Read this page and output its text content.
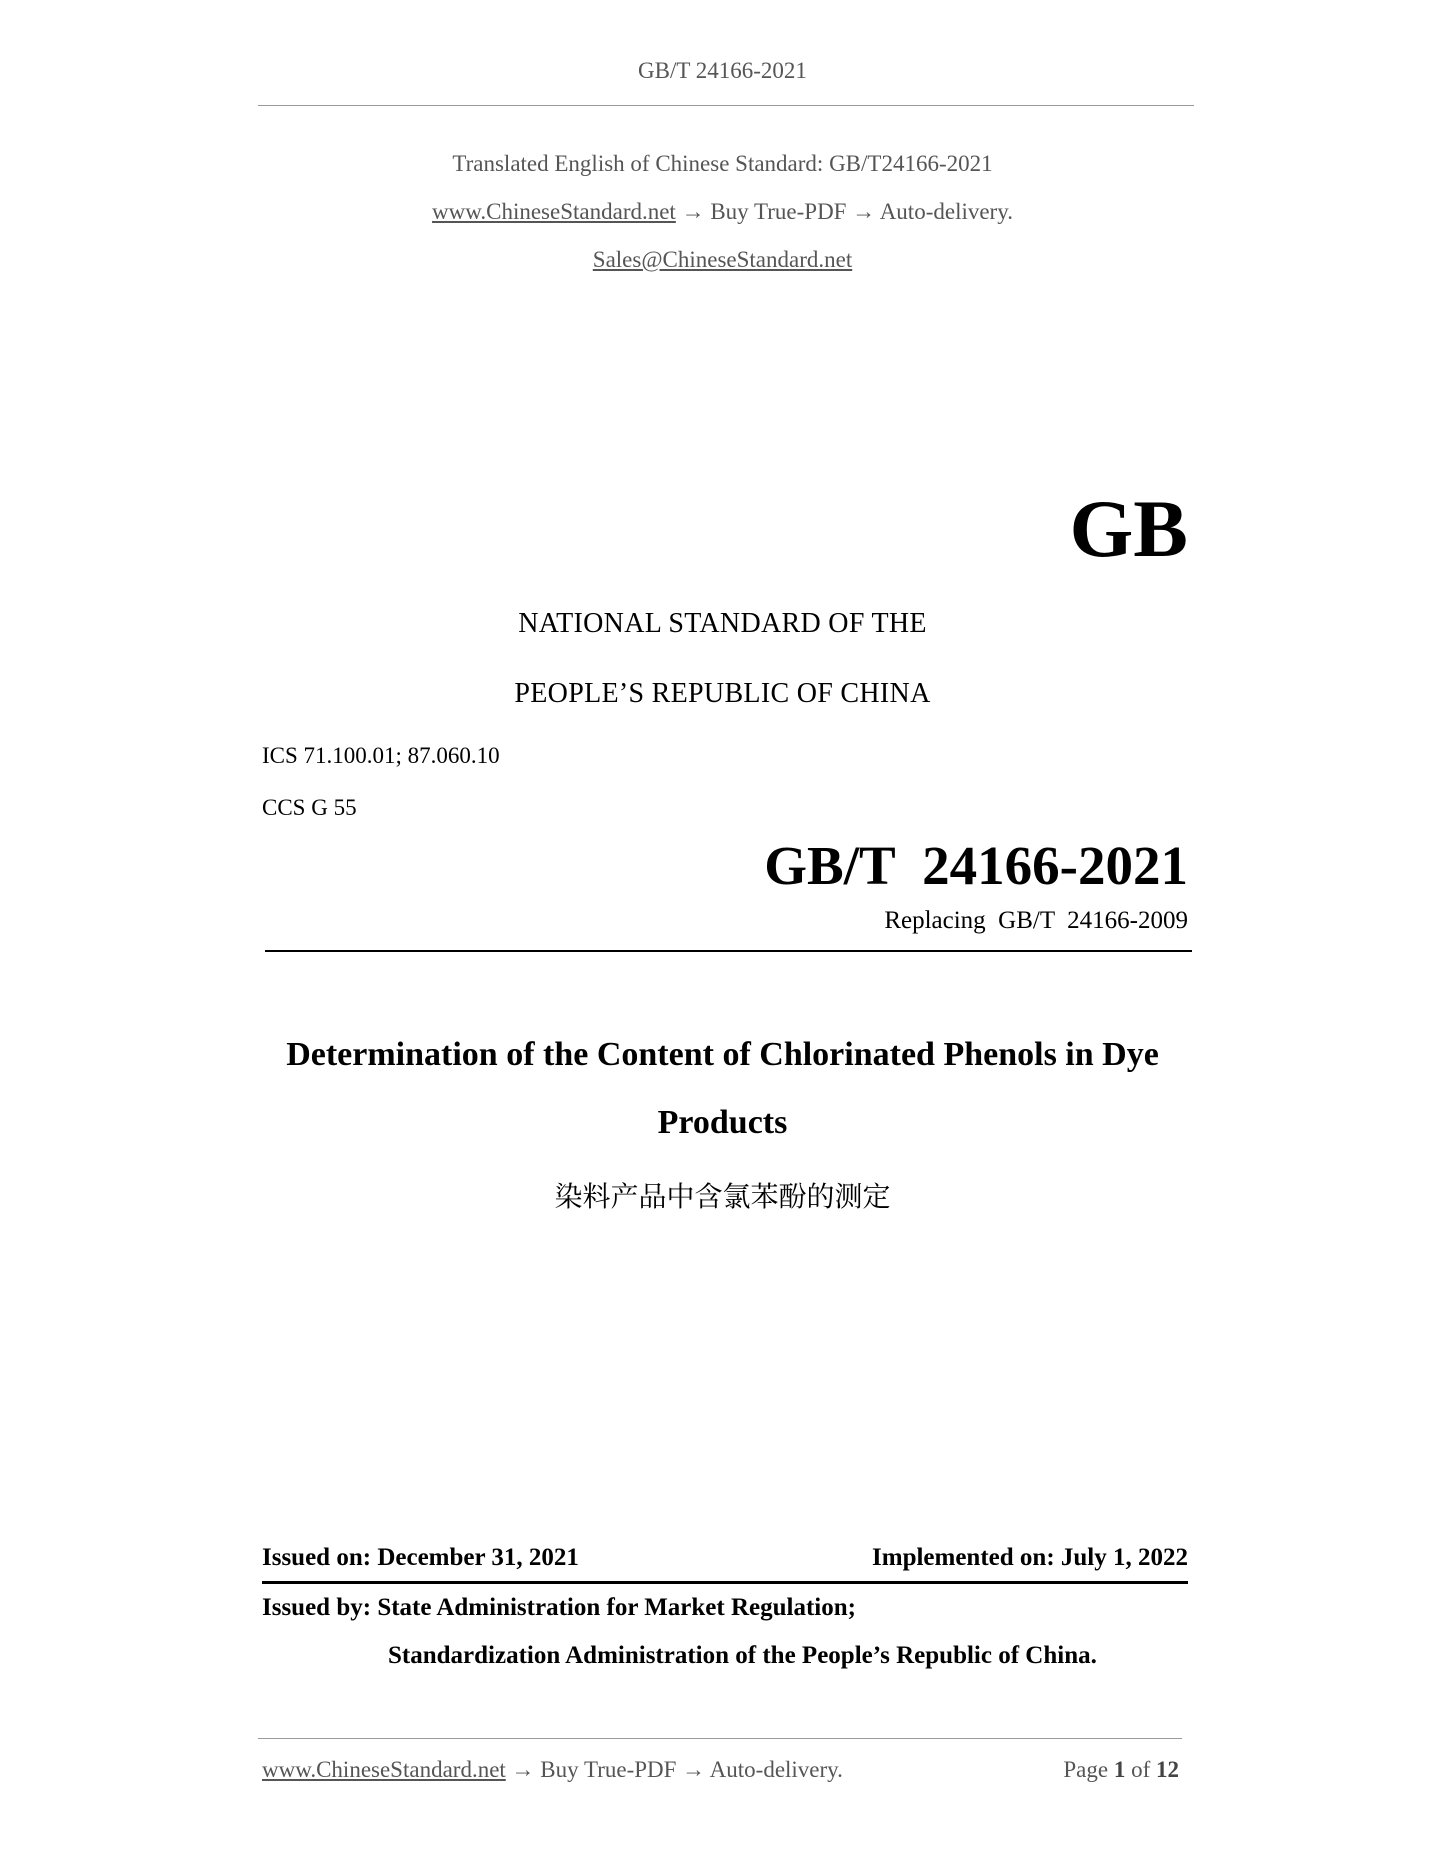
GB/T 24166-2021
Translated English of Chinese Standard: GB/T24166-2021
www.ChineseStandard.net → Buy True-PDF → Auto-delivery.
Sales@ChineseStandard.net
GB
NATIONAL STANDARD OF THE
PEOPLE’S REPUBLIC OF CHINA
ICS 71.100.01; 87.060.10
CCS G 55
GB/T  24166-2021
Replacing  GB/T  24166-2009
Determination of the Content of Chlorinated Phenols in Dye
Products
染料产品中含氯苯酚的测定
Issued on: December 31, 2021	Implemented on: July 1, 2022
Issued by: State Administration for Market Regulation;
Standardization Administration of the People’s Republic of China.
www.ChineseStandard.net → Buy True-PDF → Auto-delivery.	Page 1 of 12
